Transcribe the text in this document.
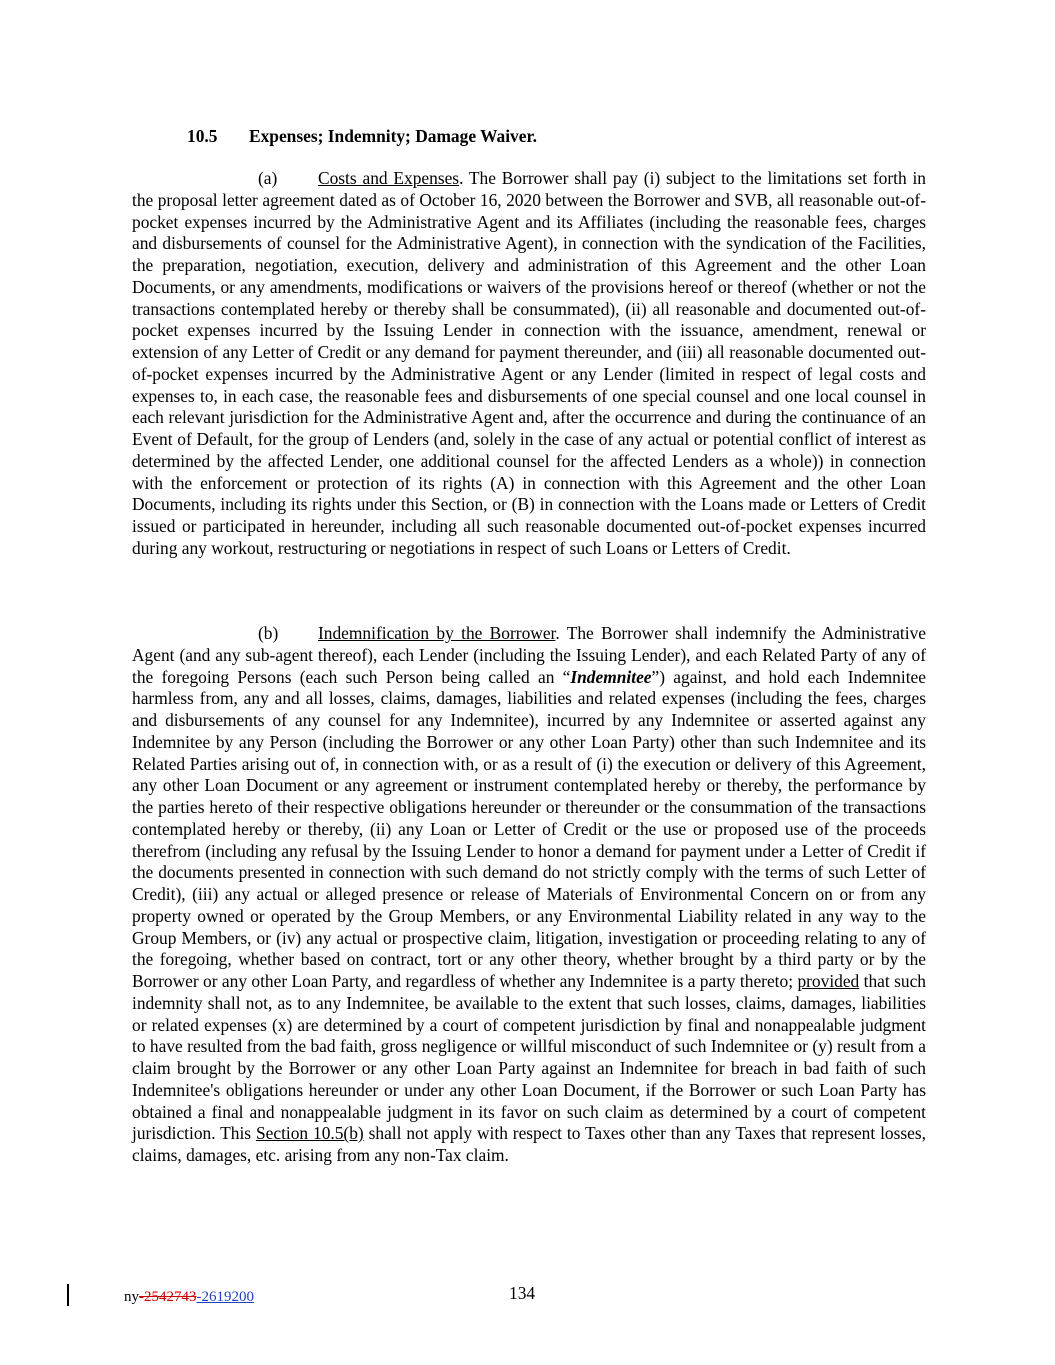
10.5 Expenses; Indemnity; Damage Waiver.

(a) Costs and Expenses. The Borrower shall pay (i) subject to the limitations set forth in the proposal letter agreement dated as of October 16, 2020 between the Borrower and SVB, all reasonable out-of-pocket expenses incurred by the Administrative Agent and its Affiliates (including the reasonable fees, charges and disbursements of counsel for the Administrative Agent), in connection with the syndication of the Facilities, the preparation, negotiation, execution, delivery and administration of this Agreement and the other Loan Documents, or any amendments, modifications or waivers of the provisions hereof or thereof (whether or not the transactions contemplated hereby or thereby shall be consummated), (ii) all reasonable and documented out-of-pocket expenses incurred by the Issuing Lender in connection with the issuance, amendment, renewal or extension of any Letter of Credit or any demand for payment thereunder, and (iii) all reasonable documented out-of-pocket expenses incurred by the Administrative Agent or any Lender (limited in respect of legal costs and expenses to, in each case, the reasonable fees and disbursements of one special counsel and one local counsel in each relevant jurisdiction for the Administrative Agent and, after the occurrence and during the continuance of an Event of Default, for the group of Lenders (and, solely in the case of any actual or potential conflict of interest as determined by the affected Lender, one additional counsel for the affected Lenders as a whole)) in connection with the enforcement or protection of its rights (A) in connection with this Agreement and the other Loan Documents, including its rights under this Section, or (B) in connection with the Loans made or Letters of Credit issued or participated in hereunder, including all such reasonable documented out-of-pocket expenses incurred during any workout, restructuring or negotiations in respect of such Loans or Letters of Credit.

(b) Indemnification by the Borrower. The Borrower shall indemnify the Administrative Agent (and any sub-agent thereof), each Lender (including the Issuing Lender), and each Related Party of any of the foregoing Persons (each such Person being called an “Indemnitee”) against, and hold each Indemnitee harmless from, any and all losses, claims, damages, liabilities and related expenses (including the fees, charges and disbursements of any counsel for any Indemnitee), incurred by any Indemnitee or asserted against any Indemnitee by any Person (including the Borrower or any other Loan Party) other than such Indemnitee and its Related Parties arising out of, in connection with, or as a result of (i) the execution or delivery of this Agreement, any other Loan Document or any agreement or instrument contemplated hereby or thereby, the performance by the parties hereto of their respective obligations hereunder or thereunder or the consummation of the transactions contemplated hereby or thereby, (ii) any Loan or Letter of Credit or the use or proposed use of the proceeds therefrom (including any refusal by the Issuing Lender to honor a demand for payment under a Letter of Credit if the documents presented in connection with such demand do not strictly comply with the terms of such Letter of Credit), (iii) any actual or alleged presence or release of Materials of Environmental Concern on or from any property owned or operated by the Group Members, or any Environmental Liability related in any way to the Group Members, or (iv) any actual or prospective claim, litigation, investigation or proceeding relating to any of the foregoing, whether based on contract, tort or any other theory, whether brought by a third party or by the Borrower or any other Loan Party, and regardless of whether any Indemnitee is a party thereto; provided that such indemnity shall not, as to any Indemnitee, be available to the extent that such losses, claims, damages, liabilities or related expenses (x) are determined by a court of competent jurisdiction by final and nonappealable judgment to have resulted from the bad faith, gross negligence or willful misconduct of such Indemnitee or (y) result from a claim brought by the Borrower or any other Loan Party against an Indemnitee for breach in bad faith of such Indemnitee's obligations hereunder or under any other Loan Document, if the Borrower or such Loan Party has obtained a final and nonappealable judgment in its favor on such claim as determined by a court of competent jurisdiction. This Section 10.5(b) shall not apply with respect to Taxes other than any Taxes that represent losses, claims, damages, etc. arising from any non-Tax claim.

ny-2542743-2619200	134
